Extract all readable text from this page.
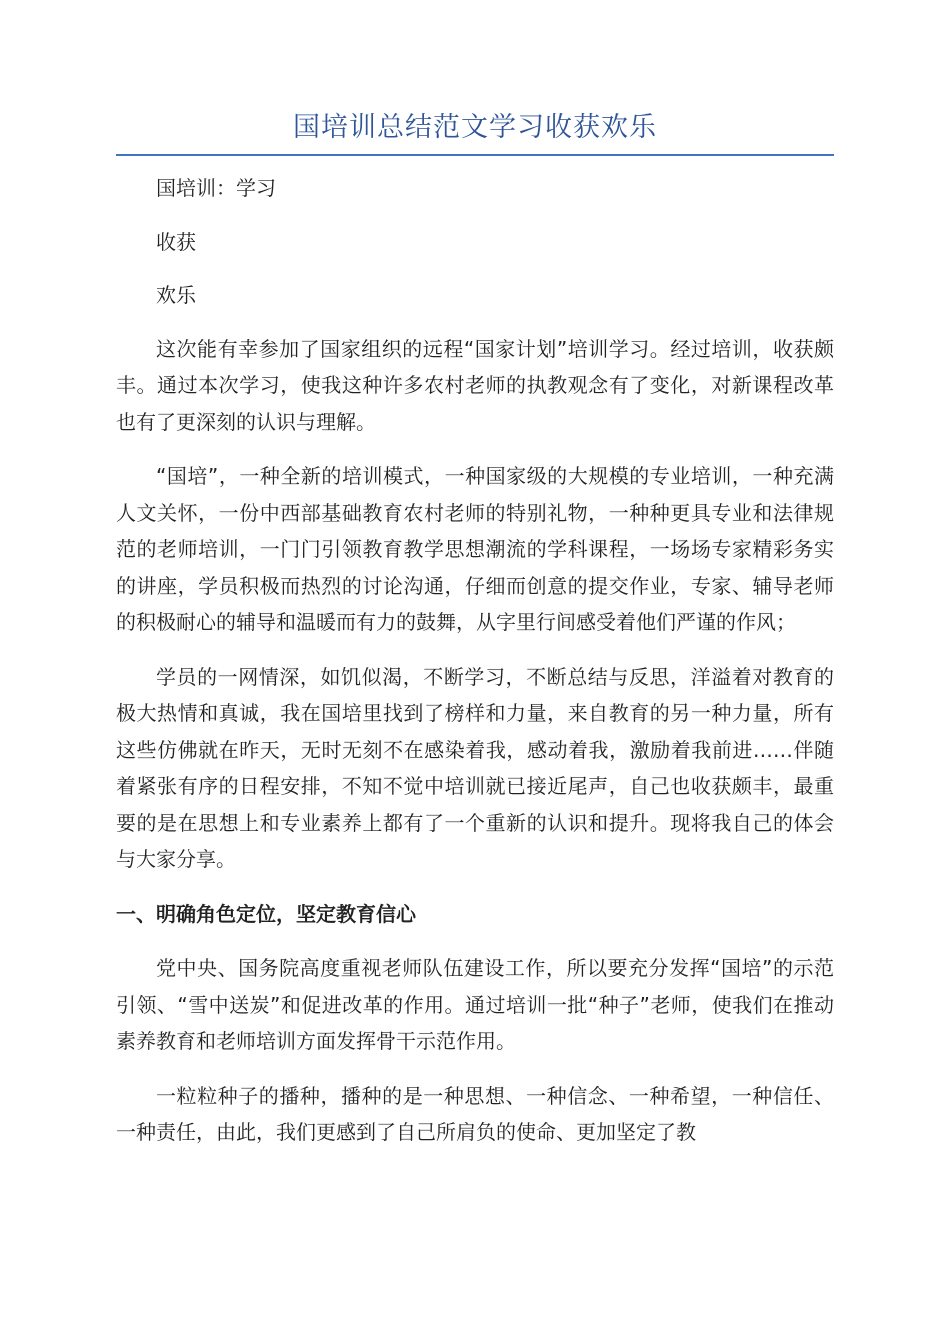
国培训总结范文学习收获欢乐

国培训：学习

收获

欢乐

这次能有幸参加了国家组织的远程“国家计划”培训学习。经过培训，收获颇丰。通过本次学习，使我这种许多农村老师的执教观念有了变化，对新课程改革也有了更深刻的认识与理解。

“国培”，一种全新的培训模式，一种国家级的大规模的专业培训，一种充满人文关怀，一份中西部基础教育农村老师的特别礼物，一种种更具专业和法律规范的老师培训，一门门引领教育教学思想潮流的学科课程，一场场专家精彩务实的讲座，学员积极而热烈的讨论沟通，仔细而创意的提交作业，专家、辅导老师的积极耐心的辅导和温暖而有力的鼓舞，从字里行间感受着他们严谨的作风；

学员的一网情深，如饥似渴，不断学习，不断总结与反思，洋溢着对教育的极大热情和真诚，我在国培里找到了榜样和力量，来自教育的另一种力量，所有这些仿佛就在昨天，无时无刻不在感染着我，感动着我，激励着我前进……伴随着紧张有序的日程安排，不知不觉中培训就已接近尾声，自己也收获颇丰，最重要的是在思想上和专业素养上都有了一个重新的认识和提升。现将我自己的体会与大家分享。

一、明确角色定位，坚定教育信心

党中央、国务院高度重视老师队伍建设工作，所以要充分发挥“国培”的示范引领、“雪中送炭”和促进改革的作用。通过培训一批“种子”老师，使我们在推动素养教育和老师培训方面发挥骨干示范作用。

一粒粒种子的播种，播种的是一种思想、一种信念、一种希望，一种信任、一种责任，由此，我们更感到了自己所肩负的使命、更加坚定了教
